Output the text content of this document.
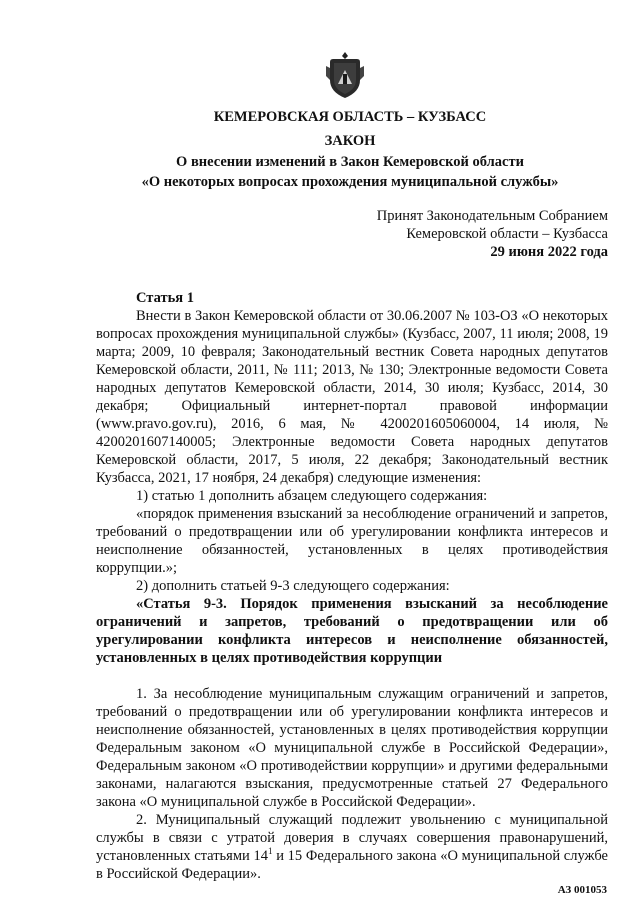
КЕМЕРОВСКАЯ ОБЛАСТЬ – КУЗБАСС

ЗАКОН

О внесении изменений в Закон Кемеровской области

«О некоторых вопросах прохождения муниципальной службы»

Принят Законодательным Собранием

Кемеровской области – Кузбасса

29 июня 2022 года

Статья 1

Внести в Закон Кемеровской области от 30.06.2007 № 103-ОЗ «О некоторых вопросах прохождения муниципальной службы» (Кузбасс, 2007, 11 июля; 2008, 19 марта; 2009, 10 февраля; Законодательный вестник Совета народных депутатов Кемеровской области, 2011, № 111; 2013, № 130; Электронные ведомости Совета народных депутатов Кемеровской области, 2014, 30 июля; Кузбасс, 2014, 30 декабря; Официальный интернет-портал правовой информации (www.pravo.gov.ru), 2016, 6 мая, № 4200201605060004, 14 июля, № 4200201607140005; Электронные ведомости Совета народных депутатов Кемеровской области, 2017, 5 июля, 22 декабря; Законодательный вестник Кузбасса, 2021, 17 ноября, 24 декабря) следующие изменения:

1) статью 1 дополнить абзацем следующего содержания:

«порядок применения взысканий за несоблюдение ограничений и запретов, требований о предотвращении или об урегулировании конфликта интересов и неисполнение обязанностей, установленных в целях противодействия коррупции.»;

2) дополнить статьей 9-3 следующего содержания:

«Статья 9-3. Порядок применения взысканий за несоблюдение ограничений и запретов, требований о предотвращении или об урегулировании конфликта интересов и неисполнение обязанностей, установленных в целях противодействия коррупции

1. За несоблюдение муниципальным служащим ограничений и запретов, требований о предотвращении или об урегулировании конфликта интересов и неисполнение обязанностей, установленных в целях противодействия коррупции Федеральным законом «О муниципальной службе в Российской Федерации», Федеральным законом «О противодействии коррупции» и другими федеральными законами, налагаются взыскания, предусмотренные статьей 27 Федерального закона «О муниципальной службе в Российской Федерации».

2. Муниципальный служащий подлежит увольнению с муниципальной службы в связи с утратой доверия в случаях совершения правонарушений, установленных статьями $14^1$ и 15 Федерального закона «О муниципальной службе в Российской Федерации».

АЗ 001053
